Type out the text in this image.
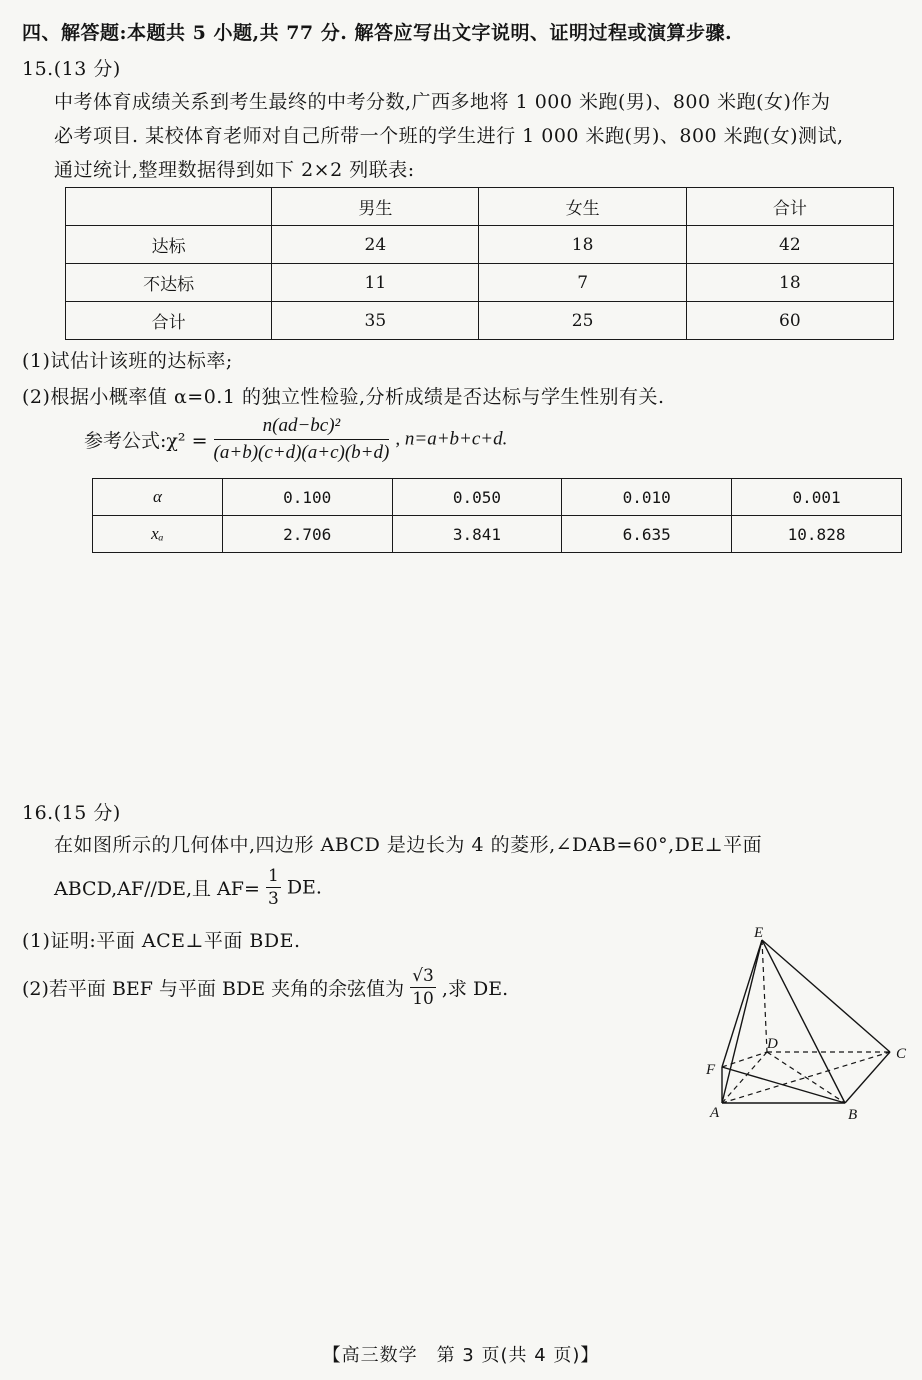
四、解答题:本题共 5 小题,共 77 分. 解答应写出文字说明、证明过程或演算步骤.
15.(13 分)
中考体育成绩关系到考生最终的中考分数,广西多地将 1 000 米跑(男)、800 米跑(女)作为
必考项目. 某校体育老师对自己所带一个班的学生进行 1 000 米跑(男)、800 米跑(女)测试,
通过统计,整理数据得到如下 2×2 列联表:
	男生	女生	合计
达标	24	18	42
不达标	11	7	18
合计	35	25	60
(1)试估计该班的达标率;
(2)根据小概率值 α=0.1 的独立性检验,分析成绩是否达标与学生性别有关.
参考公式:χ² = $\frac{\text{n(ad−bc)²}}{(a+b)(c+d)(a+c)(b+d)}$ , n=a+b+c+d.
α	0.100	0.050	0.010	0.001
xₐ	2.706	3.841	6.635	10.828
16.(15 分)
在如图所示的几何体中,四边形 ABCD 是边长为 4 的菱形,∠DAB=60°,DE⊥平面
ABCD,AF//DE,且 $AF= \frac{1}{3}$ DE.
(1)证明:平面 ACE⊥平面 BDE.
(2)若平面 BEF 与平面 BDE 夹角的余弦值为 $\frac{√3}{10}$ ,求 DE.
E
D
C
F
A	B
【高三数学　第 3 页(共 4 页)】
